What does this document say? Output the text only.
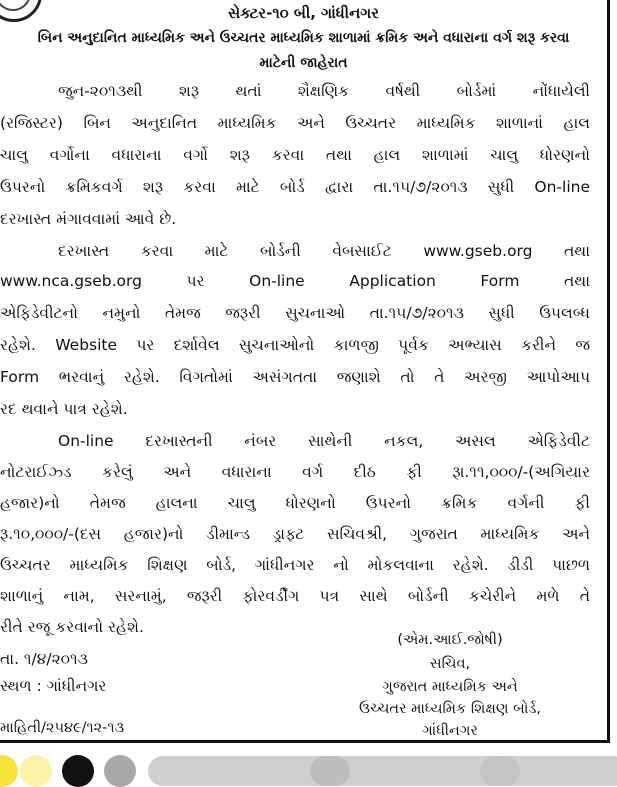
સેક્ટર-૧૦ બી, ગાંધીનગર
બિન અનુદાનિત માધ્યમિક અને ઉચ્ચતર માધ્યમિક શાળામાં ક્રમિક અને વધારાના વર્ગ શરૂ કરવા
માટેની જાહેરાત
જુન-૨૦૧૩થી શરૂ થતાં શૈક્ષણિક વર્ષથી બોર્ડમાં નોંધાયેલી
(રજિસ્ટર) બિન અનુદાનિત માધ્યમિક અને ઉચ્ચતર માધ્યમિક શાળાનાં હાલ
ચાલુ વર્ગોના વધારાના વર્ગો શરૂ કરવા તથા હાલ શાળામાં ચાલુ ધોરણનો
ઉપરનો ક્રમિકવર્ગ શરૂ કરવા માટે બોર્ડ દ્વારા તા.૧૫/૭/૨૦૧૩ સુધી On-line
દરખાસ્ત મંગાવવામાં આવે છે.
દરખાસ્ત કરવા માટે બોર્ડની વેબસાઈટ www.gseb.org તથા
www.nca.gseb.org પર On-line Application Form તથા
એફિડેવીટનો નમુનો તેમજ જરૂરી સુચનાઓ તા.૧૫/૭/૨૦૧૩ સુધી ઉપલબ્ધ
રહેશે. Website પર દર્શાવેલ સુચનાઓનો કાળજી પૂર્વક અભ્યાસ કરીને જ
Form ભરવાનું રહેશે. વિગતોમાં અસંગતતા જણાશે તો તે અરજી આપોઆપ
રદ થવાને પાત્ર રહેશે.
On-line દરખાસ્તની નંબર સાથેની નકલ, અસલ એફિડેવીટ
નોટરાઈઝ્ડ કરેલું અને વધારાના વર્ગ દીઠ ફી રૂા.૧૧,૦૦૦/-(અગિયાર
હજાર)નો તેમજ હાલના ચાલુ ધોરણનો ઉપરનો ક્રમિક વર્ગની ફી
રૂ.૧૦,૦૦૦/-(દસ હજાર)નો ડીમાન્ડ ડ્રાફ્ટ સચિવશ્રી, ગુજરાત માધ્યમિક અને
ઉચ્ચતર માધ્યમિક શિક્ષણ બોર્ડ, ગાંધીનગર નો મોકલવાના રહેશે. ડીડી પાછળ
શાળાનું નામ, સરનામું, જરૂરી ફોરવર્ડીંગ પત્ર સાથે બોર્ડની કચેરીને મળે તે
રીતે રજૂ કરવાનો રહેશે.
(એમ.આઈ.જોષી)
સચિવ,
ગુજરાત માધ્યમિક અને
ઉચ્ચતર માધ્યમિક શિક્ષણ બોર્ડ,
ગાંધીનગર
તા. ૧/૪/૨૦૧૩
સ્થળ : ગાંધીનગર
માહિતી/૨૫૪૯/૧૨-૧૩
